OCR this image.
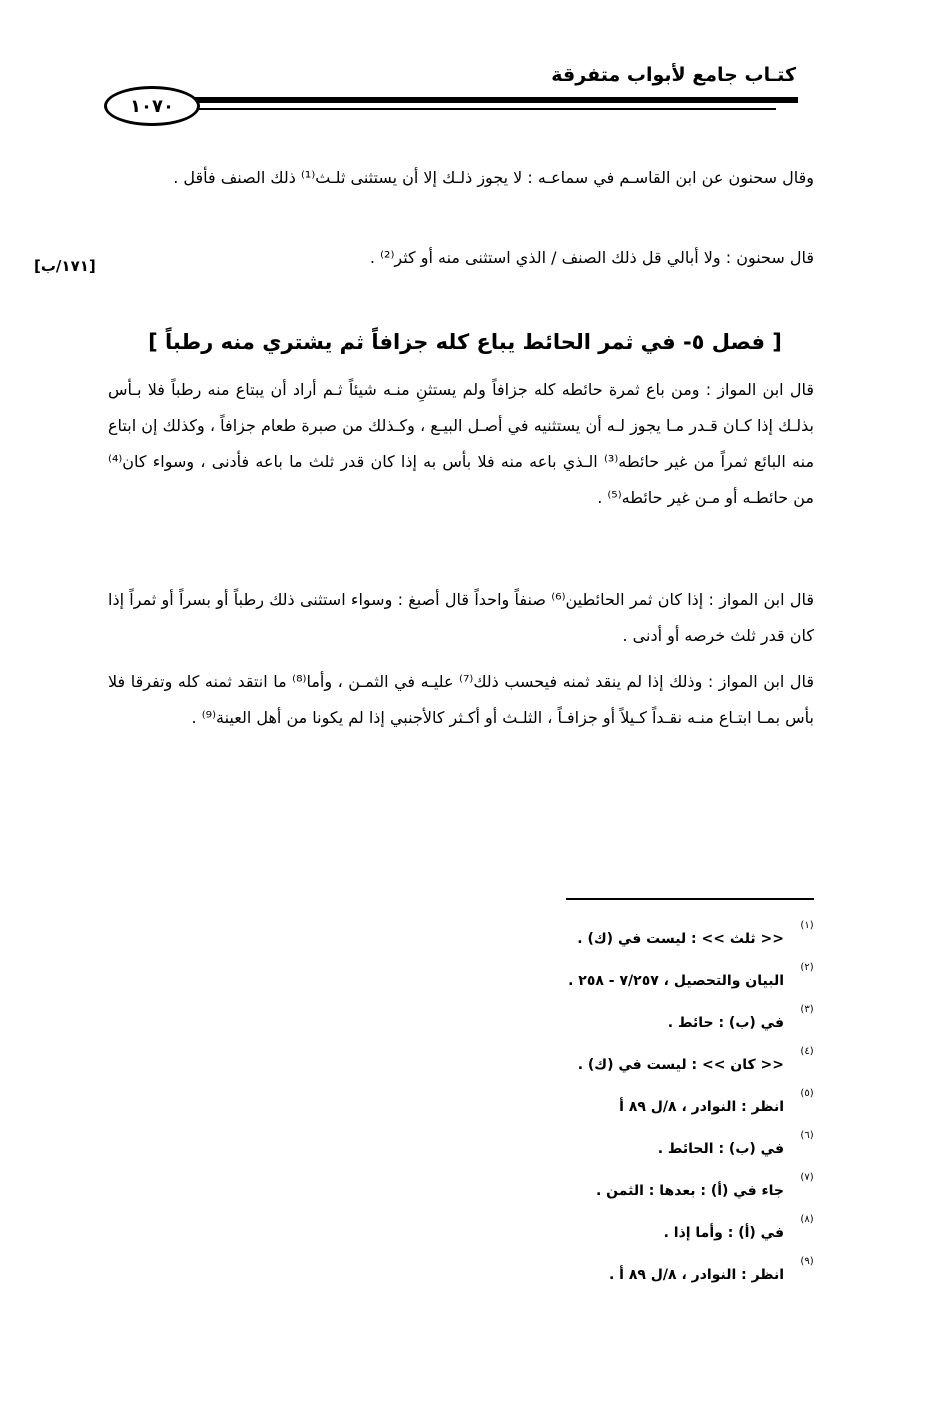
كتـاب جامع لأبواب متفرقة
١٠٧٠
وقال سحنون عن ابن القاسـم في سماعـه : لا يجوز ذلـك إلا أن يستثنى ثلـث⁽¹⁾ ذلك الصنف فأقل .
قال سحنون : ولا أبالي قل ذلك الصنف / الذي استثنى منه أو كثر⁽²⁾ .
[١٧١/ب]
[ فصل ٥- في ثمر الحائط يباع كله جزافاً ثم يشتري منه رطباً ]
قال ابن المواز : ومن باع ثمرة حائطه كله جزافاً ولم يستثنِ منـه شيئاً ثـم أراد أن يبتاع منه رطباً فلا بـأس بذلـك إذا كـان قـدر مـا يجوز لـه أن يستثنيه في أصـل البيـع ، وكـذلك من صبرة طعام جزافاً ، وكذلك إن ابتاع منه البائع ثمراً من غير حائطه⁽³⁾ الـذي باعه منه فلا بأس به إذا كان قدر ثلث ما باعه فأدنى ، وسواء كان⁽⁴⁾ من حائطـه أو مـن غير حائطه⁽⁵⁾ .
قال ابن المواز : إذا كان ثمر الحائطين⁽⁶⁾ صنفاً واحداً قال أصبغ : وسواء استثنى ذلك رطباً أو بسراً أو ثمراً إذا كان قدر ثلث خرصه أو أدنى .
قال ابن المواز : وذلك إذا لم ينقد ثمنه فيحسب ذلك⁽⁷⁾ عليـه في الثمـن ، وأما⁽⁸⁾ ما انتقد ثمنه كله وتفرقا فلا بأس بمـا ابتـاع منـه نقـداً كـيلاً أو جزافـاً ، الثلـث أو أكـثر كالأجنبي إذا لم يكونا من أهل العينة⁽⁹⁾ .
(١)
<< ثلث >> : ليست في (ك) .
(٢)
البيان والتحصيل ، ٧/٢٥٧ - ٢٥٨ .
(٣)
في (ب) : حائط .
(٤)
<< كان >> : ليست في (ك) .
(٥)
انظر : النوادر ، ٨/ل ٨٩ أ
(٦)
في (ب) : الحائط .
(٧)
جاء في (أ) : بعدها : الثمن .
(٨)
في (أ) : وأما إذا .
(٩)
انظر : النوادر ، ٨/ل ٨٩ أ .
